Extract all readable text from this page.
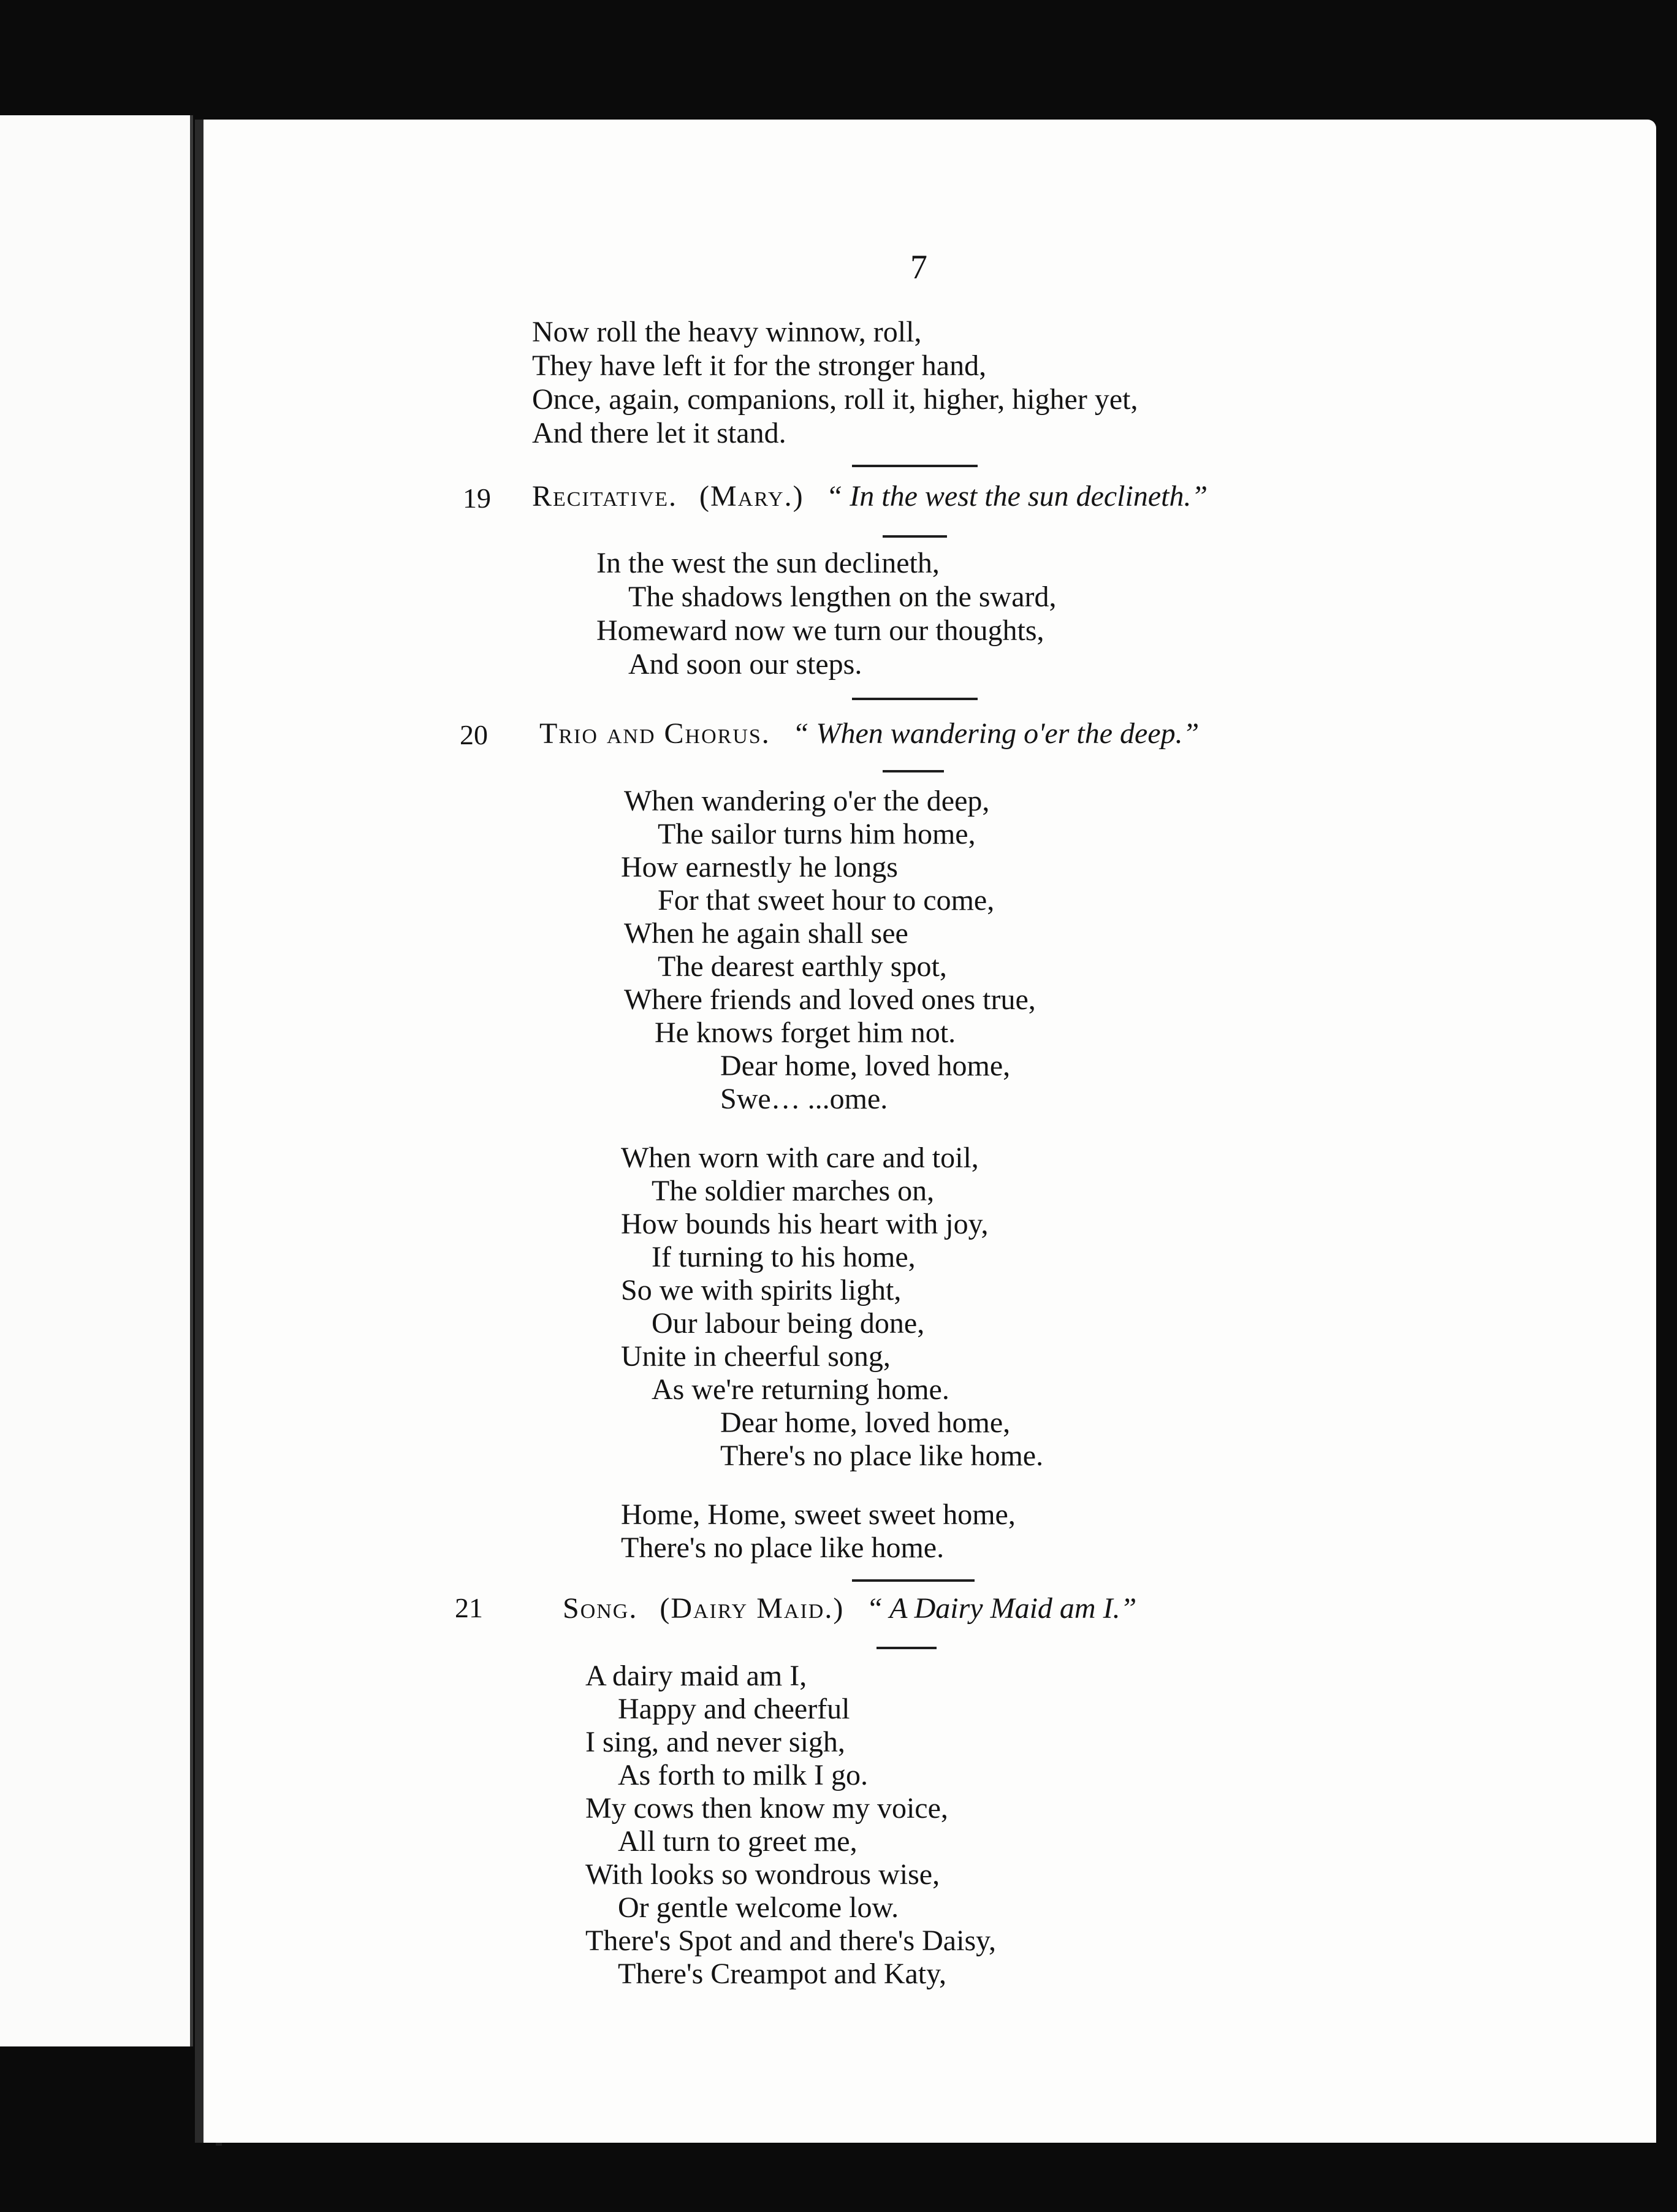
7
Now roll the heavy winnow, roll,
They have left it for the stronger hand,
Once, again, companions, roll it, higher, higher yet,
And there let it stand.
19 Recitative. (Mary.) “ In the west the sun declineth.”
In the west the sun declineth,
The shadows lengthen on the sward,
Homeward now we turn our thoughts,
And soon our steps.
20 Trio and Chorus. “ When wandering o'er the deep.”
When wandering o'er the deep,
The sailor turns him home,
How earnestly he longs
For that sweet hour to come,
When he again shall see
The dearest earthly spot,
Where friends and loved ones true,
He knows forget him not.
Dear home, loved home,
Swe… ...ome.
When worn with care and toil,
The soldier marches on,
How bounds his heart with joy,
If turning to his home,
So we with spirits light,
Our labour being done,
Unite in cheerful song,
As we're returning home.
Dear home, loved home,
There's no place like home.
Home, Home, sweet sweet home,
There's no place like home.
21	Song. (Dairy Maid.) “ A Dairy Maid am I.”
A dairy maid am I,
Happy and cheerful
I sing, and never sigh,
As forth to milk I go.
My cows then know my voice,
All turn to greet me,
With looks so wondrous wise,
Or gentle welcome low.
There's Spot and and there's Daisy,
There's Creampot and Katy,
